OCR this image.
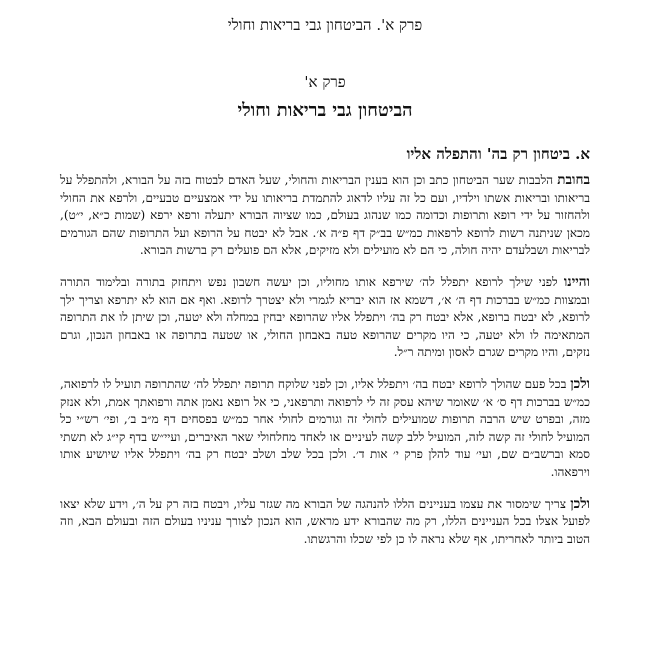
פרק א'. הביטחון גבי בריאות וחולי
פרק א'
הביטחון גבי בריאות וחולי
א. ביטחון רק בה' והתפלה אליו

בחובת הלבבות שער הביטחון כתב וכן הוא בענין הבריאות והחולי, שעל האדם לבטוח בזה על הבורא, ולהתפלל על בריאותו ובריאות אשתו וילדיו, ועם כל זה עליו לדאוג להתמדת בריאותו על ידי אמצעיים טבעיים, ולרפא את החולי ולהחזור על ידי רופא ותרופות וכדומה כמו שנהוג בעולם, כמו שציוה הבורא יתעלה ורפא ירפא (שמות כ״א, י״ט), מכאן שניתנה רשות לרופא לרפאות כמ״ש בב״ק דף פ״ה א׳. אבל לא יבטח על הרופא ועל התרופות שהם הגורמים לבריאות ושבלעדם יהיה חולה, כי הם לא מועילים ולא מזיקים, אלא הם פועלים רק ברשות הבורא.

והיינו לפני שילך לרופא יתפלל לה׳ שירפא אותו מחוליו, וכן יעשה חשבון נפש ויתחזק בתורה ובלימוד התורה ובמצוות כמ״ש בברכות דף ה׳ א׳, דשמא אז הוא יבריא לגמרי ולא יצטרך לרופא. ואף אם הוא לא יתרפא וצריך ילך לרופא, לא יבטח ברופא, אלא יבטח רק בה׳ ויתפלל אליו שהרופא יבחין במחלה ולא יטעה, וכן שיתן לו את התרופה המתאימה לו ולא יטעה, כי היו מקרים שהרופא טעה באבחון החולי, או שטעה בתרופה או באבחון הנכון, וגרם נזקים, והיו מקרים שגרם לאסון ומיתה ר״ל.

ולכן בכל פעם שהולך לרופא יבטח בה׳ ויתפלל אליו, וכן לפני שלוקח תרופה יתפלל לה׳ שהתרופה תועיל לו לרפואה, כמ״ש בברכות דף ס׳ א׳ שאומר שיהא עסק זה לי לרפואה ותרפאני, כי אל רופא נאמן אתה ורפואתך אמת, ולא אנזק מזה, ובפרט שיש הרבה תרופות שמועילים לחולי זה וגורמים לחולי אחר כמ״ש בפסחים דף מ״ב ב׳, ופי׳ רש״י כל המועיל לחולי זה קשה לזה, המועיל ללב קשה לעיניים או לאחד מחלחולי שאר האיברים, ועיי״ש בדף קי״ג לא תשתי סמא וברשב״ם שם, ועי׳ עוד להלן פרק י׳ אות ד׳. ולכן בכל שלב ושלב יבטח רק בה׳ ויתפלל אליו שיושיע אותו וירפאהו.

ולכן צריך שימסור את עצמו בעניינים הללו להנהגה של הבורא מה שגזר עליו, ויבטח בזה רק על ה׳, וידע שלא יצאו לפועל אצלו בכל העניינים הללו, רק מה שהבורא ידע מראש, הוא הנכון לצורך עניניו בעולם הזה ובעולם הבא, וזה הטוב ביותר לאחריתו, אף שלא נראה לו כן לפי שכלו והרגשתו.
